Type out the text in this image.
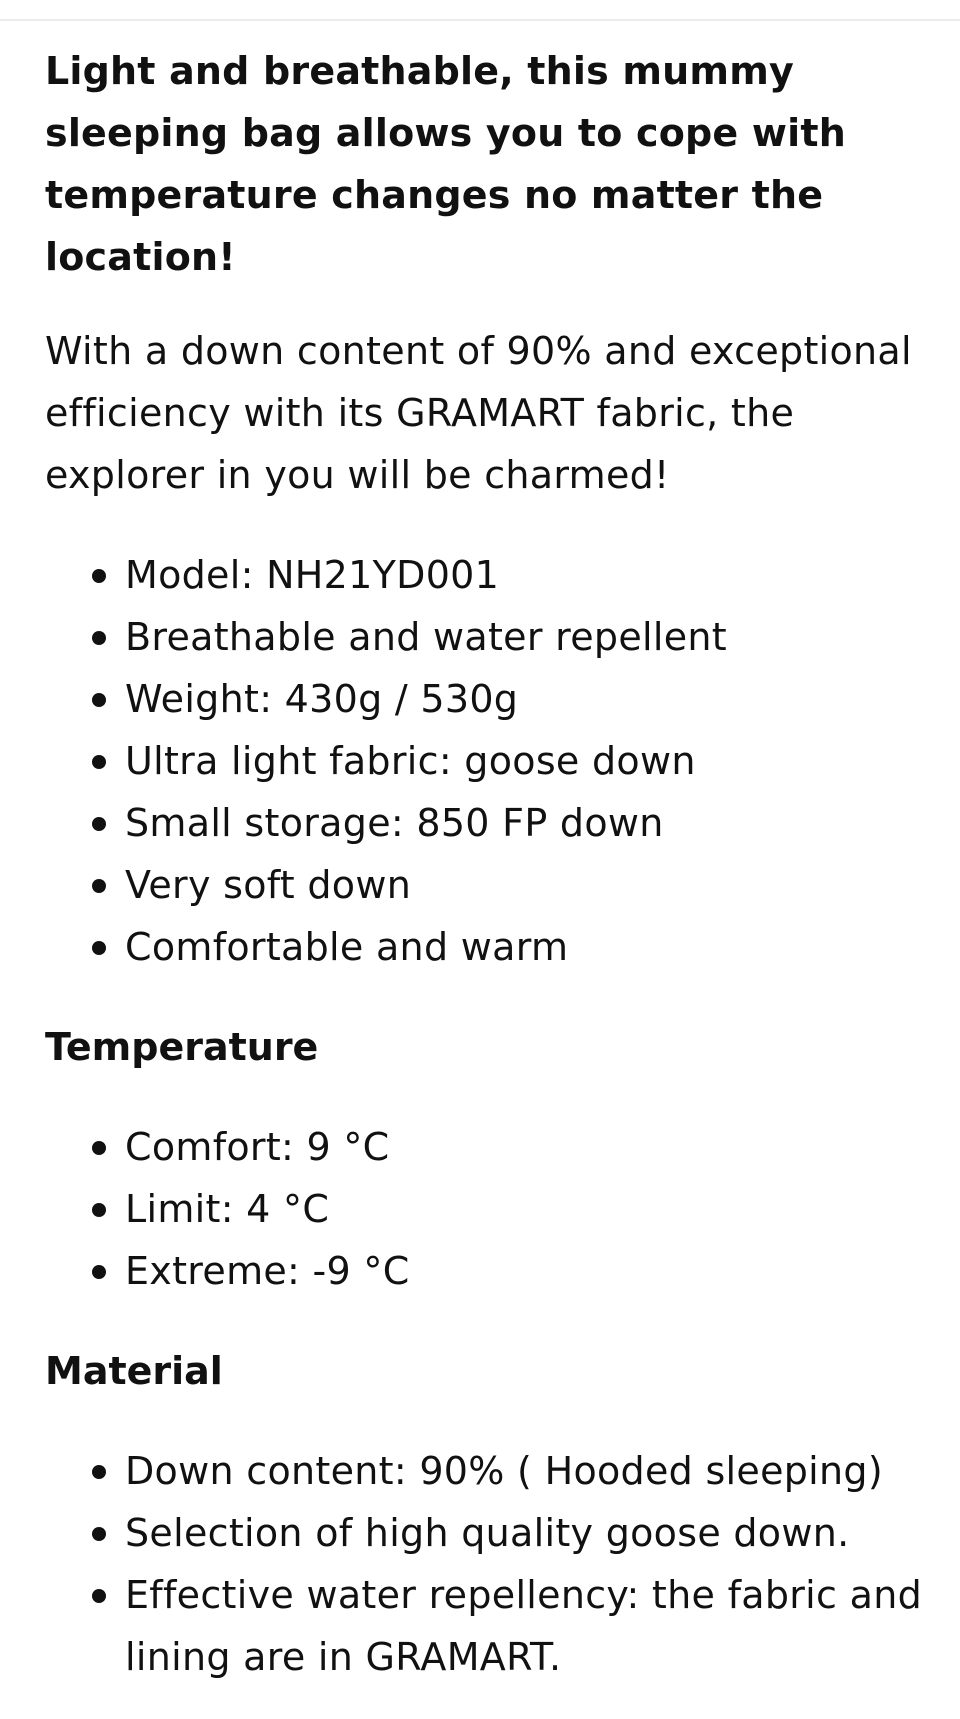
Light and breathable, this mummy sleeping bag allows you to cope with temperature changes no matter the location!

With a down content of 90% and exceptional efficiency with its GRAMART fabric, the explorer in you will be charmed!

Model: NH21YD001
Breathable and water repellent
Weight: 430g / 530g
Ultra light fabric: goose down
Small storage: 850 FP down
Very soft down
Comfortable and warm
Temperature
Comfort: 9 °C
Limit: 4 °C
Extreme: -9 °C
Material
Down content: 90% ( Hooded sleeping)
Selection of high quality goose down.
Effective water repellency: the fabric and lining are in GRAMART.
